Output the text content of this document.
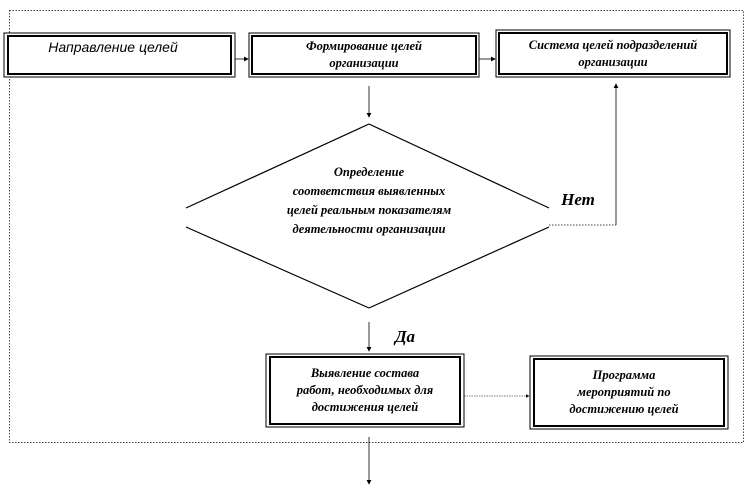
Направление целей	Формирование целей
организации
Система целей подразделений
организации
Определение
соответствия выявленных
целей реальным показателям
деятельности организации
Нет
Да
Выявление состава
работ, необходимых для
достижения целей
Программа
мероприятий по
достижению целей
